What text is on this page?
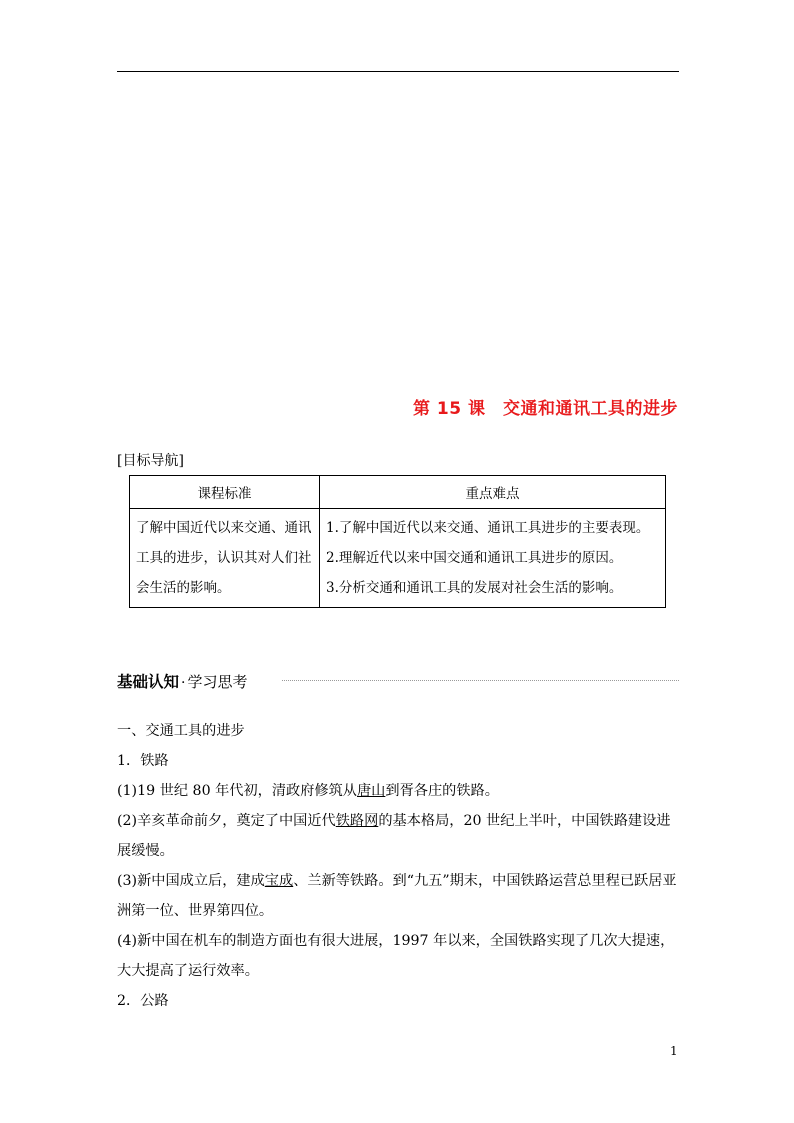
第 15 课　交通和通讯工具的进步
[目标导航]
课程标准	重点难点
了解中国近代以来交通、通讯工具的进步，认识其对人们社会生活的影响。	1.了解中国近代以来交通、通讯工具进步的主要表现。
2.理解近代以来中国交通和通讯工具进步的原因。
3.分析交通和通讯工具的发展对社会生活的影响。
基础认知 · 学习思考

一、交通工具的进步

1．铁路

(1)19 世纪 80 年代初，清政府修筑从唐山到胥各庄的铁路。

(2)辛亥革命前夕，奠定了中国近代铁路网的基本格局，20 世纪上半叶，中国铁路建设进展缓慢。

(3)新中国成立后，建成宝成、兰新等铁路。到“九五”期末，中国铁路运营总里程已跃居亚洲第一位、世界第四位。

(4)新中国在机车的制造方面也有很大进展，1997 年以来，全国铁路实现了几次大提速，大大提高了运行效率。

2．公路

1
